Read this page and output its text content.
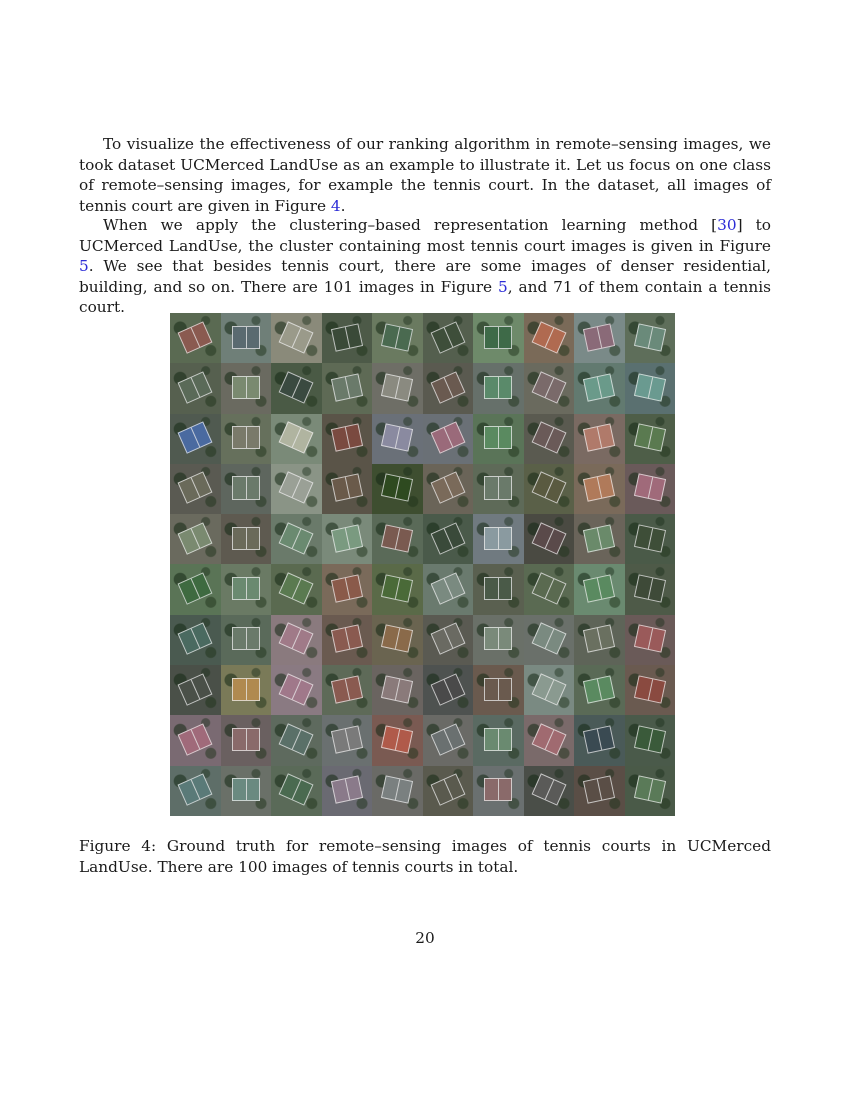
To visualize the effectiveness of our ranking algorithm in remote–sensing images, we took dataset UCMerced LandUse as an example to illustrate it. Let us focus on one class of remote–sensing images, for example the tennis court. In the dataset, all images of tennis court are given in Figure 4.

When we apply the clustering–based representation learning method [30] to UCMerced LandUse, the cluster containing most tennis court images is given in Figure 5. We see that besides tennis court, there are some images of denser residential, building, and so on. There are 101 images in Figure 5, and 71 of them contain a tennis court.

Figure 4: Ground truth for remote–sensing images of tennis courts in UCMerced LandUse. There are 100 images of tennis courts in total.

20
